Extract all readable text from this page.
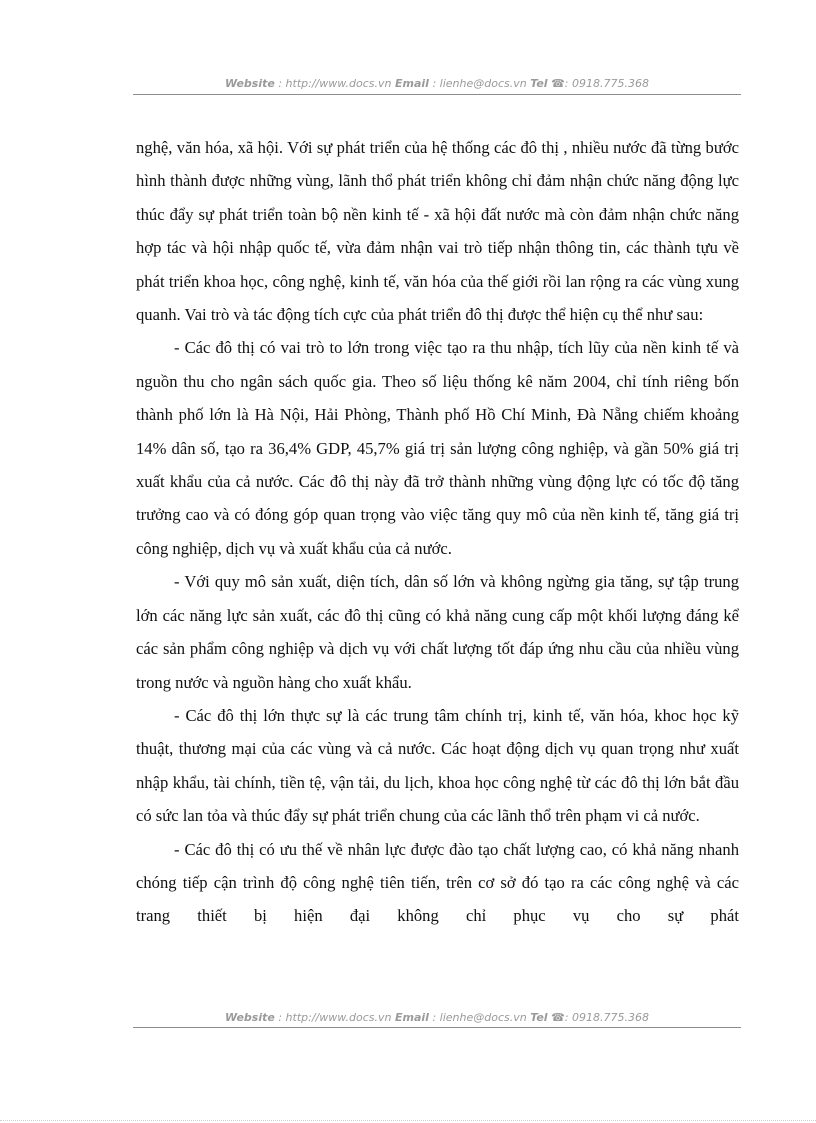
Website : http://www.docs.vn Email : lienhe@docs.vn Tel ☎: 0918.775.368

nghệ, văn hóa, xã hội. Với sự phát triển của hệ thống các đô thị , nhiều nước đã từng bước hình thành được những vùng, lãnh thổ phát triển không chỉ đảm nhận chức năng động lực thúc đẩy sự phát triển toàn bộ nền kinh tế - xã hội đất nước mà còn đảm nhận chức năng hợp tác và hội nhập quốc tế, vừa đảm nhận vai trò tiếp nhận thông tin, các thành tựu về phát triển khoa học, công nghệ, kinh tế, văn hóa của thế giới rồi lan rộng ra các vùng xung quanh. Vai trò và tác động tích cực của phát triển đô thị được thể hiện cụ thể như sau:

- Các đô thị có vai trò to lớn trong việc tạo ra thu nhập, tích lũy của nền kinh tế và nguồn thu cho ngân sách quốc gia. Theo số liệu thống kê năm 2004, chỉ tính riêng bốn thành phố lớn là Hà Nội, Hải Phòng, Thành phố Hồ Chí Minh, Đà Nẵng chiếm khoảng 14% dân số, tạo ra 36,4% GDP, 45,7% giá trị sản lượng công nghiệp, và gần 50% giá trị xuất khẩu của cả nước. Các đô thị này đã trở thành những vùng động lực có tốc độ tăng trưởng cao và có đóng góp quan trọng vào việc tăng quy mô của nền kinh tế, tăng giá trị công nghiệp, dịch vụ và xuất khẩu của cả nước.

- Với quy mô sản xuất, diện tích, dân số lớn và không ngừng gia tăng, sự tập trung lớn các năng lực sản xuất, các đô thị cũng có khả năng cung cấp một khối lượng đáng kể các sản phẩm công nghiệp và dịch vụ với chất lượng tốt đáp ứng nhu cầu của nhiều vùng trong nước và nguồn hàng cho xuất khẩu.

- Các đô thị lớn thực sự là các trung tâm chính trị, kinh tế, văn hóa, khoc học kỹ thuật, thương mại của các vùng và cả nước. Các hoạt động dịch vụ quan trọng như xuất nhập khẩu, tài chính, tiền tệ, vận tải, du lịch, khoa học công nghệ từ các đô thị lớn bắt đầu có sức lan tỏa và thúc đẩy sự phát triển chung của các lãnh thổ trên phạm vi cả nước.

- Các đô thị có ưu thế về nhân lực được đào tạo chất lượng cao, có khả năng nhanh chóng tiếp cận trình độ công nghệ tiên tiến, trên cơ sở đó tạo ra các công nghệ và các trang thiết bị hiện đại không chỉ phục vụ cho sự phát

Website : http://www.docs.vn Email : lienhe@docs.vn Tel ☎: 0918.775.368
